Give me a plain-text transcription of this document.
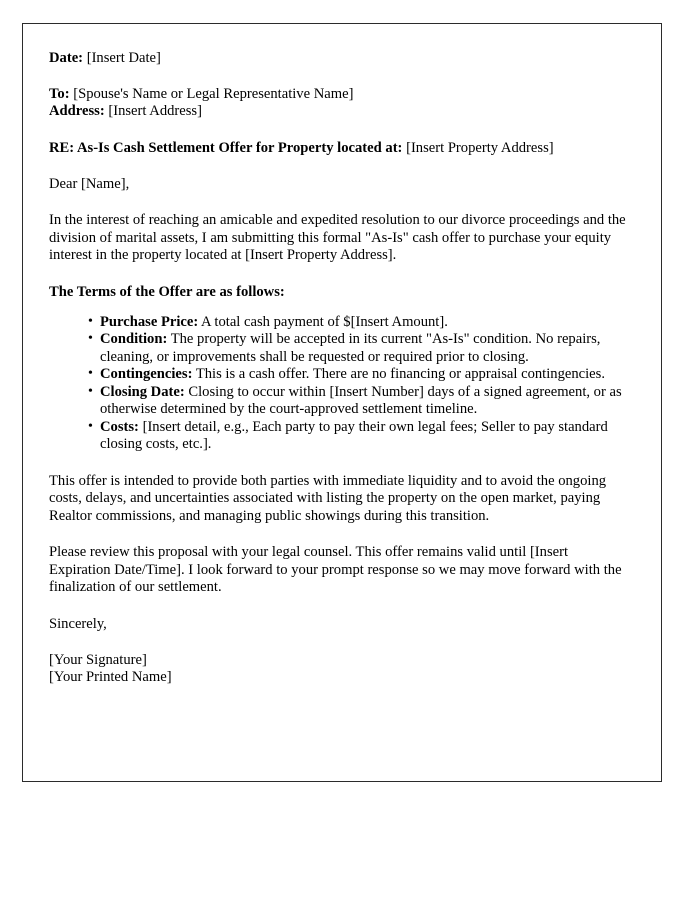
Date: [Insert Date]
To: [Spouse's Name or Legal Representative Name]
Address: [Insert Address]
RE: As-Is Cash Settlement Offer for Property located at: [Insert Property Address]
Dear [Name],
In the interest of reaching an amicable and expedited resolution to our divorce proceedings and the division of marital assets, I am submitting this formal "As-Is" cash offer to purchase your equity interest in the property located at [Insert Property Address].
The Terms of the Offer are as follows:
• Purchase Price: A total cash payment of $[Insert Amount].
• Condition: The property will be accepted in its current "As-Is" condition. No repairs, cleaning, or improvements shall be requested or required prior to closing.
• Contingencies: This is a cash offer. There are no financing or appraisal contingencies.
• Closing Date: Closing to occur within [Insert Number] days of a signed agreement, or as otherwise determined by the court-approved settlement timeline.
• Costs: [Insert detail, e.g., Each party to pay their own legal fees; Seller to pay standard closing costs, etc.].
This offer is intended to provide both parties with immediate liquidity and to avoid the ongoing costs, delays, and uncertainties associated with listing the property on the open market, paying Realtor commissions, and managing public showings during this transition.
Please review this proposal with your legal counsel. This offer remains valid until [Insert Expiration Date/Time]. I look forward to your prompt response so we may move forward with the finalization of our settlement.
Sincerely,
[Your Signature]
[Your Printed Name]
